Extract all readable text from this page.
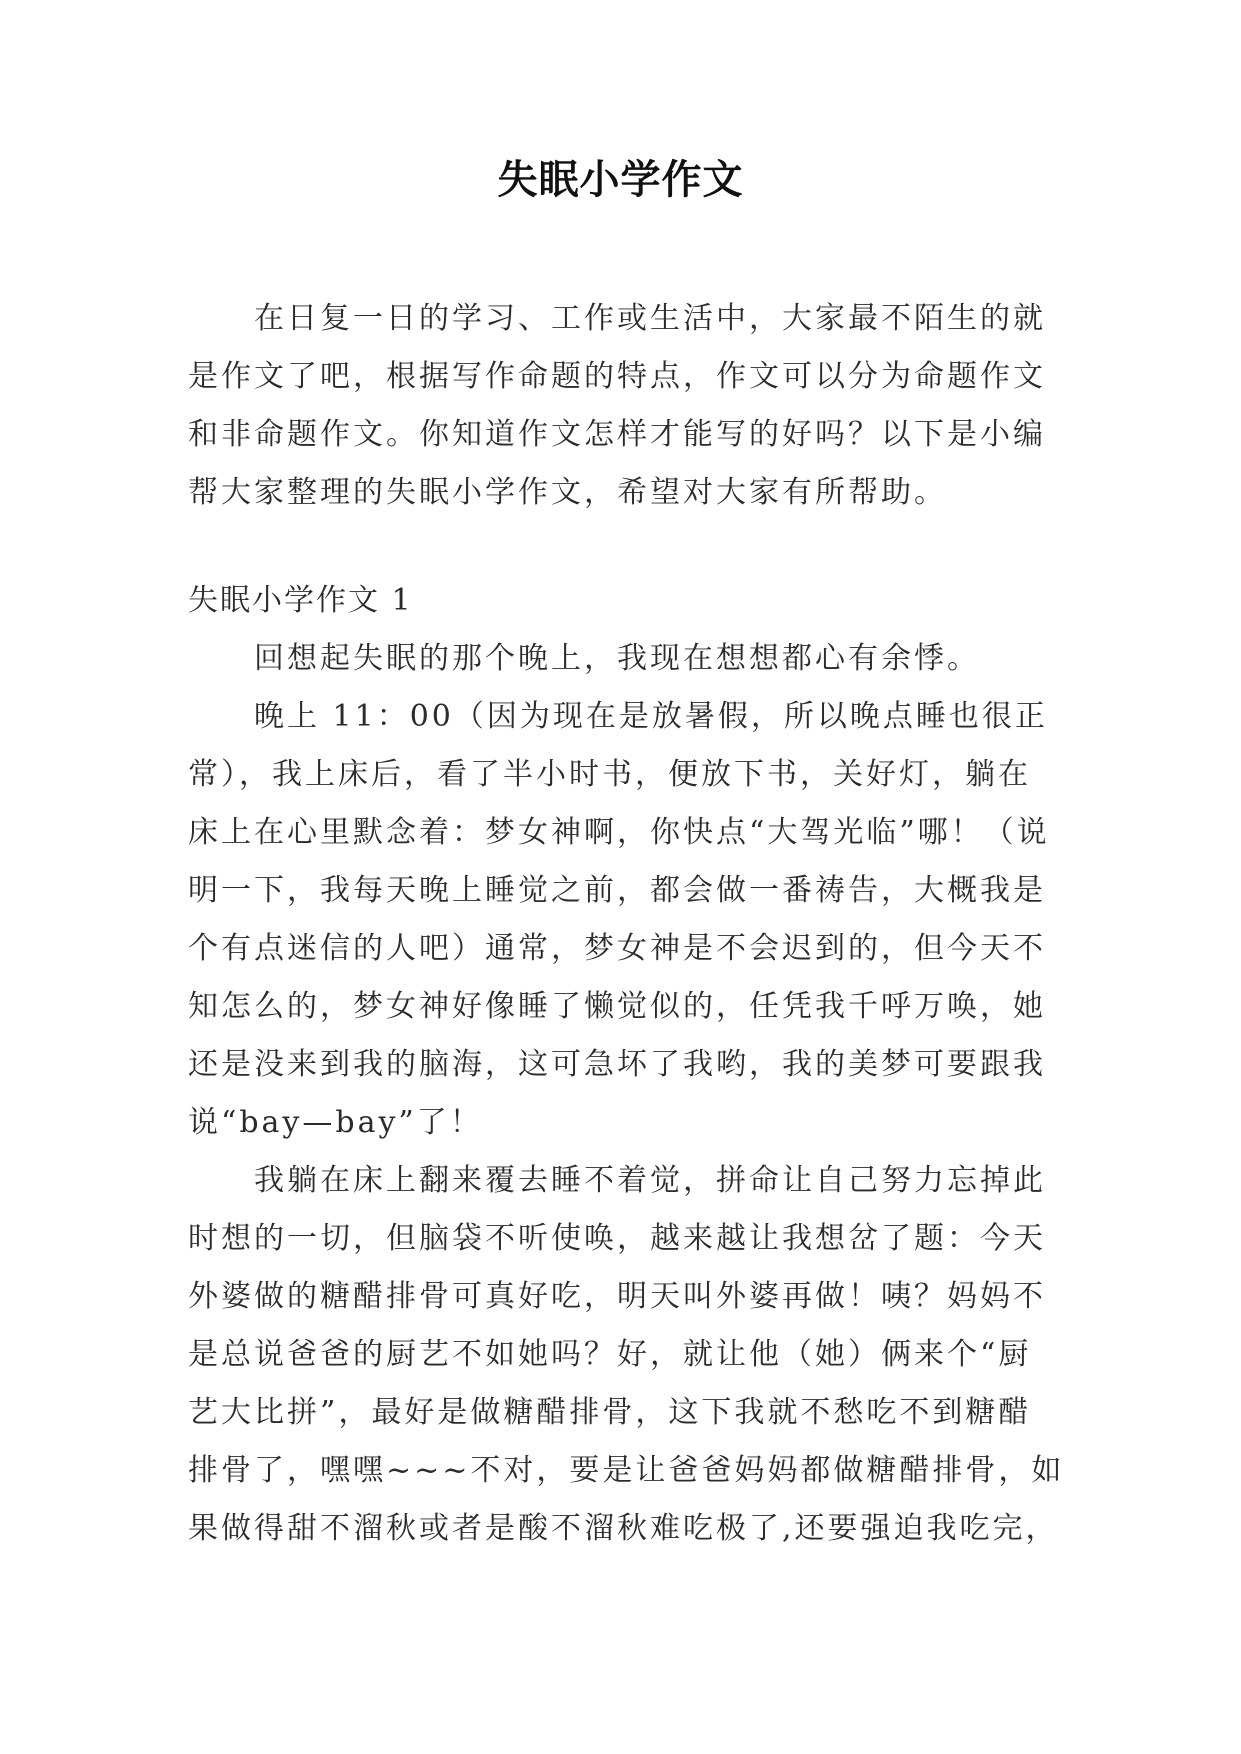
失眠小学作文
在日复一日的学习、工作或生活中，大家最不陌生的就
是作文了吧，根据写作命题的特点，作文可以分为命题作文
和非命题作文。你知道作文怎样才能写的好吗？以下是小编
帮大家整理的失眠小学作文，希望对大家有所帮助。
失眠小学作文 1
回想起失眠的那个晚上，我现在想想都心有余悸。
晚上 11：00（因为现在是放暑假，所以晚点睡也很正
常），我上床后，看了半小时书，便放下书，关好灯，躺在
床上在心里默念着：梦女神啊，你快点“大驾光临”哪！（说
明一下，我每天晚上睡觉之前，都会做一番祷告，大概我是
个有点迷信的人吧）通常，梦女神是不会迟到的，但今天不
知怎么的，梦女神好像睡了懒觉似的，任凭我千呼万唤，她
还是没来到我的脑海，这可急坏了我哟，我的美梦可要跟我
说“bay—bay”了！
我躺在床上翻来覆去睡不着觉，拼命让自己努力忘掉此
时想的一切，但脑袋不听使唤，越来越让我想岔了题：今天
外婆做的糖醋排骨可真好吃，明天叫外婆再做！咦？妈妈不
是总说爸爸的厨艺不如她吗？好，就让他（她）俩来个“厨
艺大比拼”，最好是做糖醋排骨，这下我就不愁吃不到糖醋
排骨了，嘿嘿~~~不对，要是让爸爸妈妈都做糖醋排骨，如
果做得甜不溜秋或者是酸不溜秋难吃极了,还要强迫我吃完，
